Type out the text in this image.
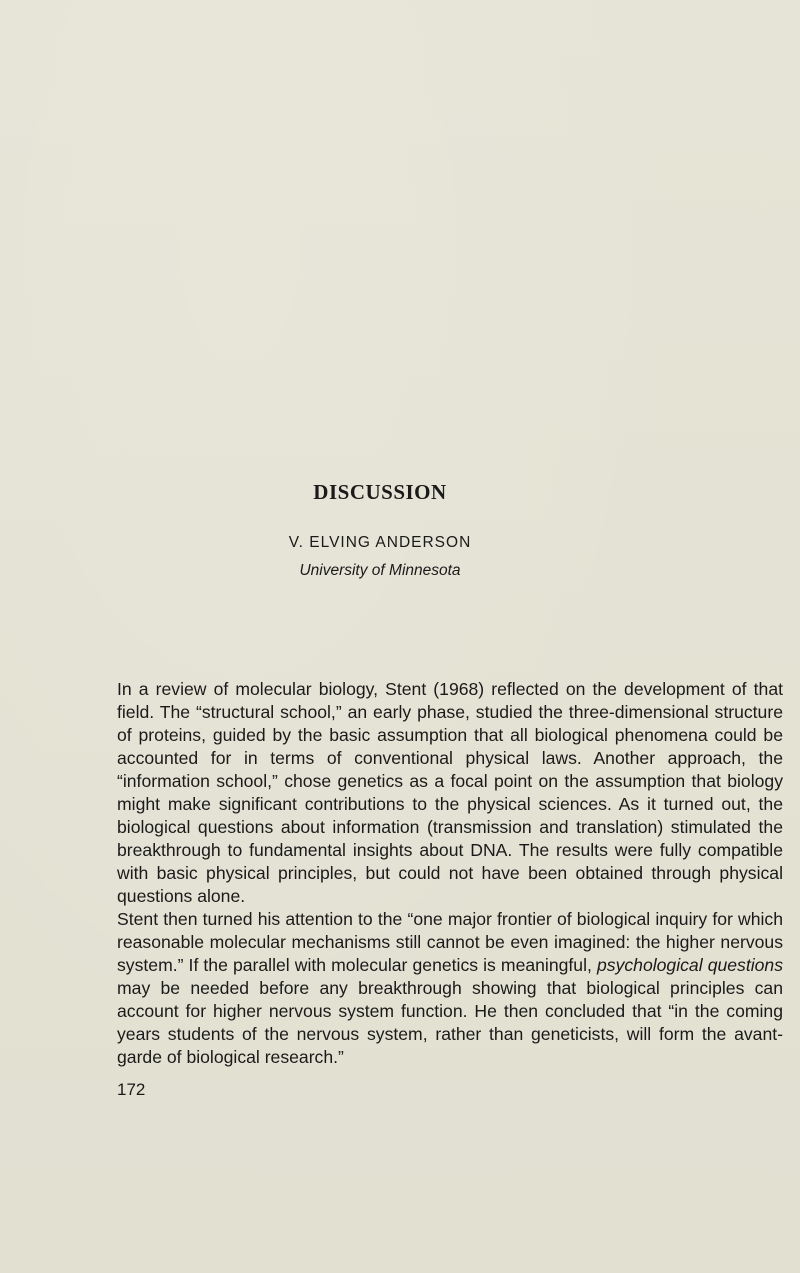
DISCUSSION

V. ELVING ANDERSON

University of Minnesota

In a review of molecular biology, Stent (1968) reflected on the development of that field. The “structural school,” an early phase, studied the three-dimensional structure of proteins, guided by the basic assumption that all biological phenomena could be accounted for in terms of conventional physical laws. Another approach, the “information school,” chose genetics as a focal point on the assumption that biology might make significant contributions to the physical sciences. As it turned out, the biological questions about information (transmission and translation) stimulated the breakthrough to fundamental insights about DNA. The results were fully compatible with basic physical principles, but could not have been obtained through physical questions alone.

Stent then turned his attention to the “one major frontier of biological inquiry for which reasonable molecular mechanisms still cannot be even imagined: the higher nervous system.” If the parallel with molecular genetics is meaningful, psychological questions may be needed before any breakthrough showing that biological principles can account for higher nervous system function. He then concluded that “in the coming years students of the nervous system, rather than geneticists, will form the avant-garde of biological research.”

172
